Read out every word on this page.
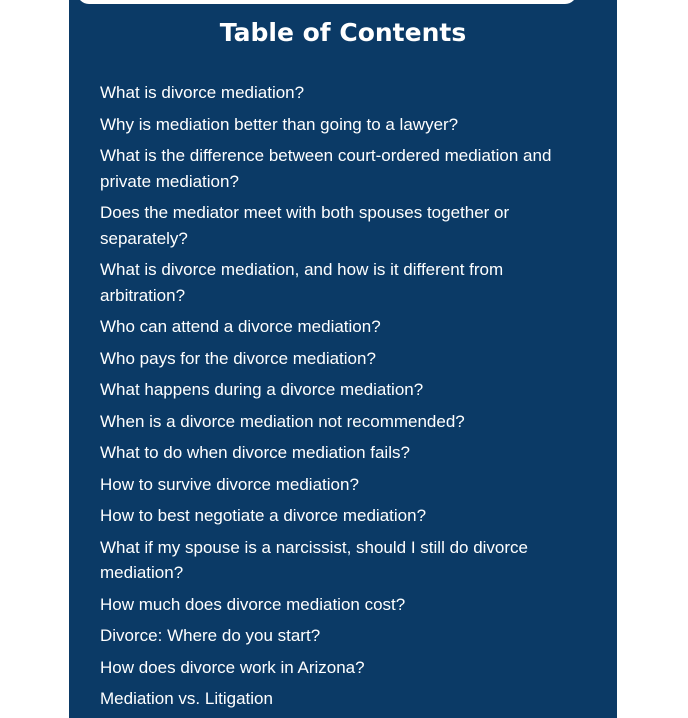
Table of Contents
What is divorce mediation?
Why is mediation better than going to a lawyer?
What is the difference between court-ordered mediation and private mediation?
Does the mediator meet with both spouses together or separately?
What is divorce mediation, and how is it different from arbitration?
Who can attend a divorce mediation?
Who pays for the divorce mediation?
What happens during a divorce mediation?
When is a divorce mediation not recommended?
What to do when divorce mediation fails?
How to survive divorce mediation?
How to best negotiate a divorce mediation?
What if my spouse is a narcissist, should I still do divorce mediation?
How much does divorce mediation cost?
Divorce: Where do you start?
How does divorce work in Arizona?
Mediation vs. Litigation
